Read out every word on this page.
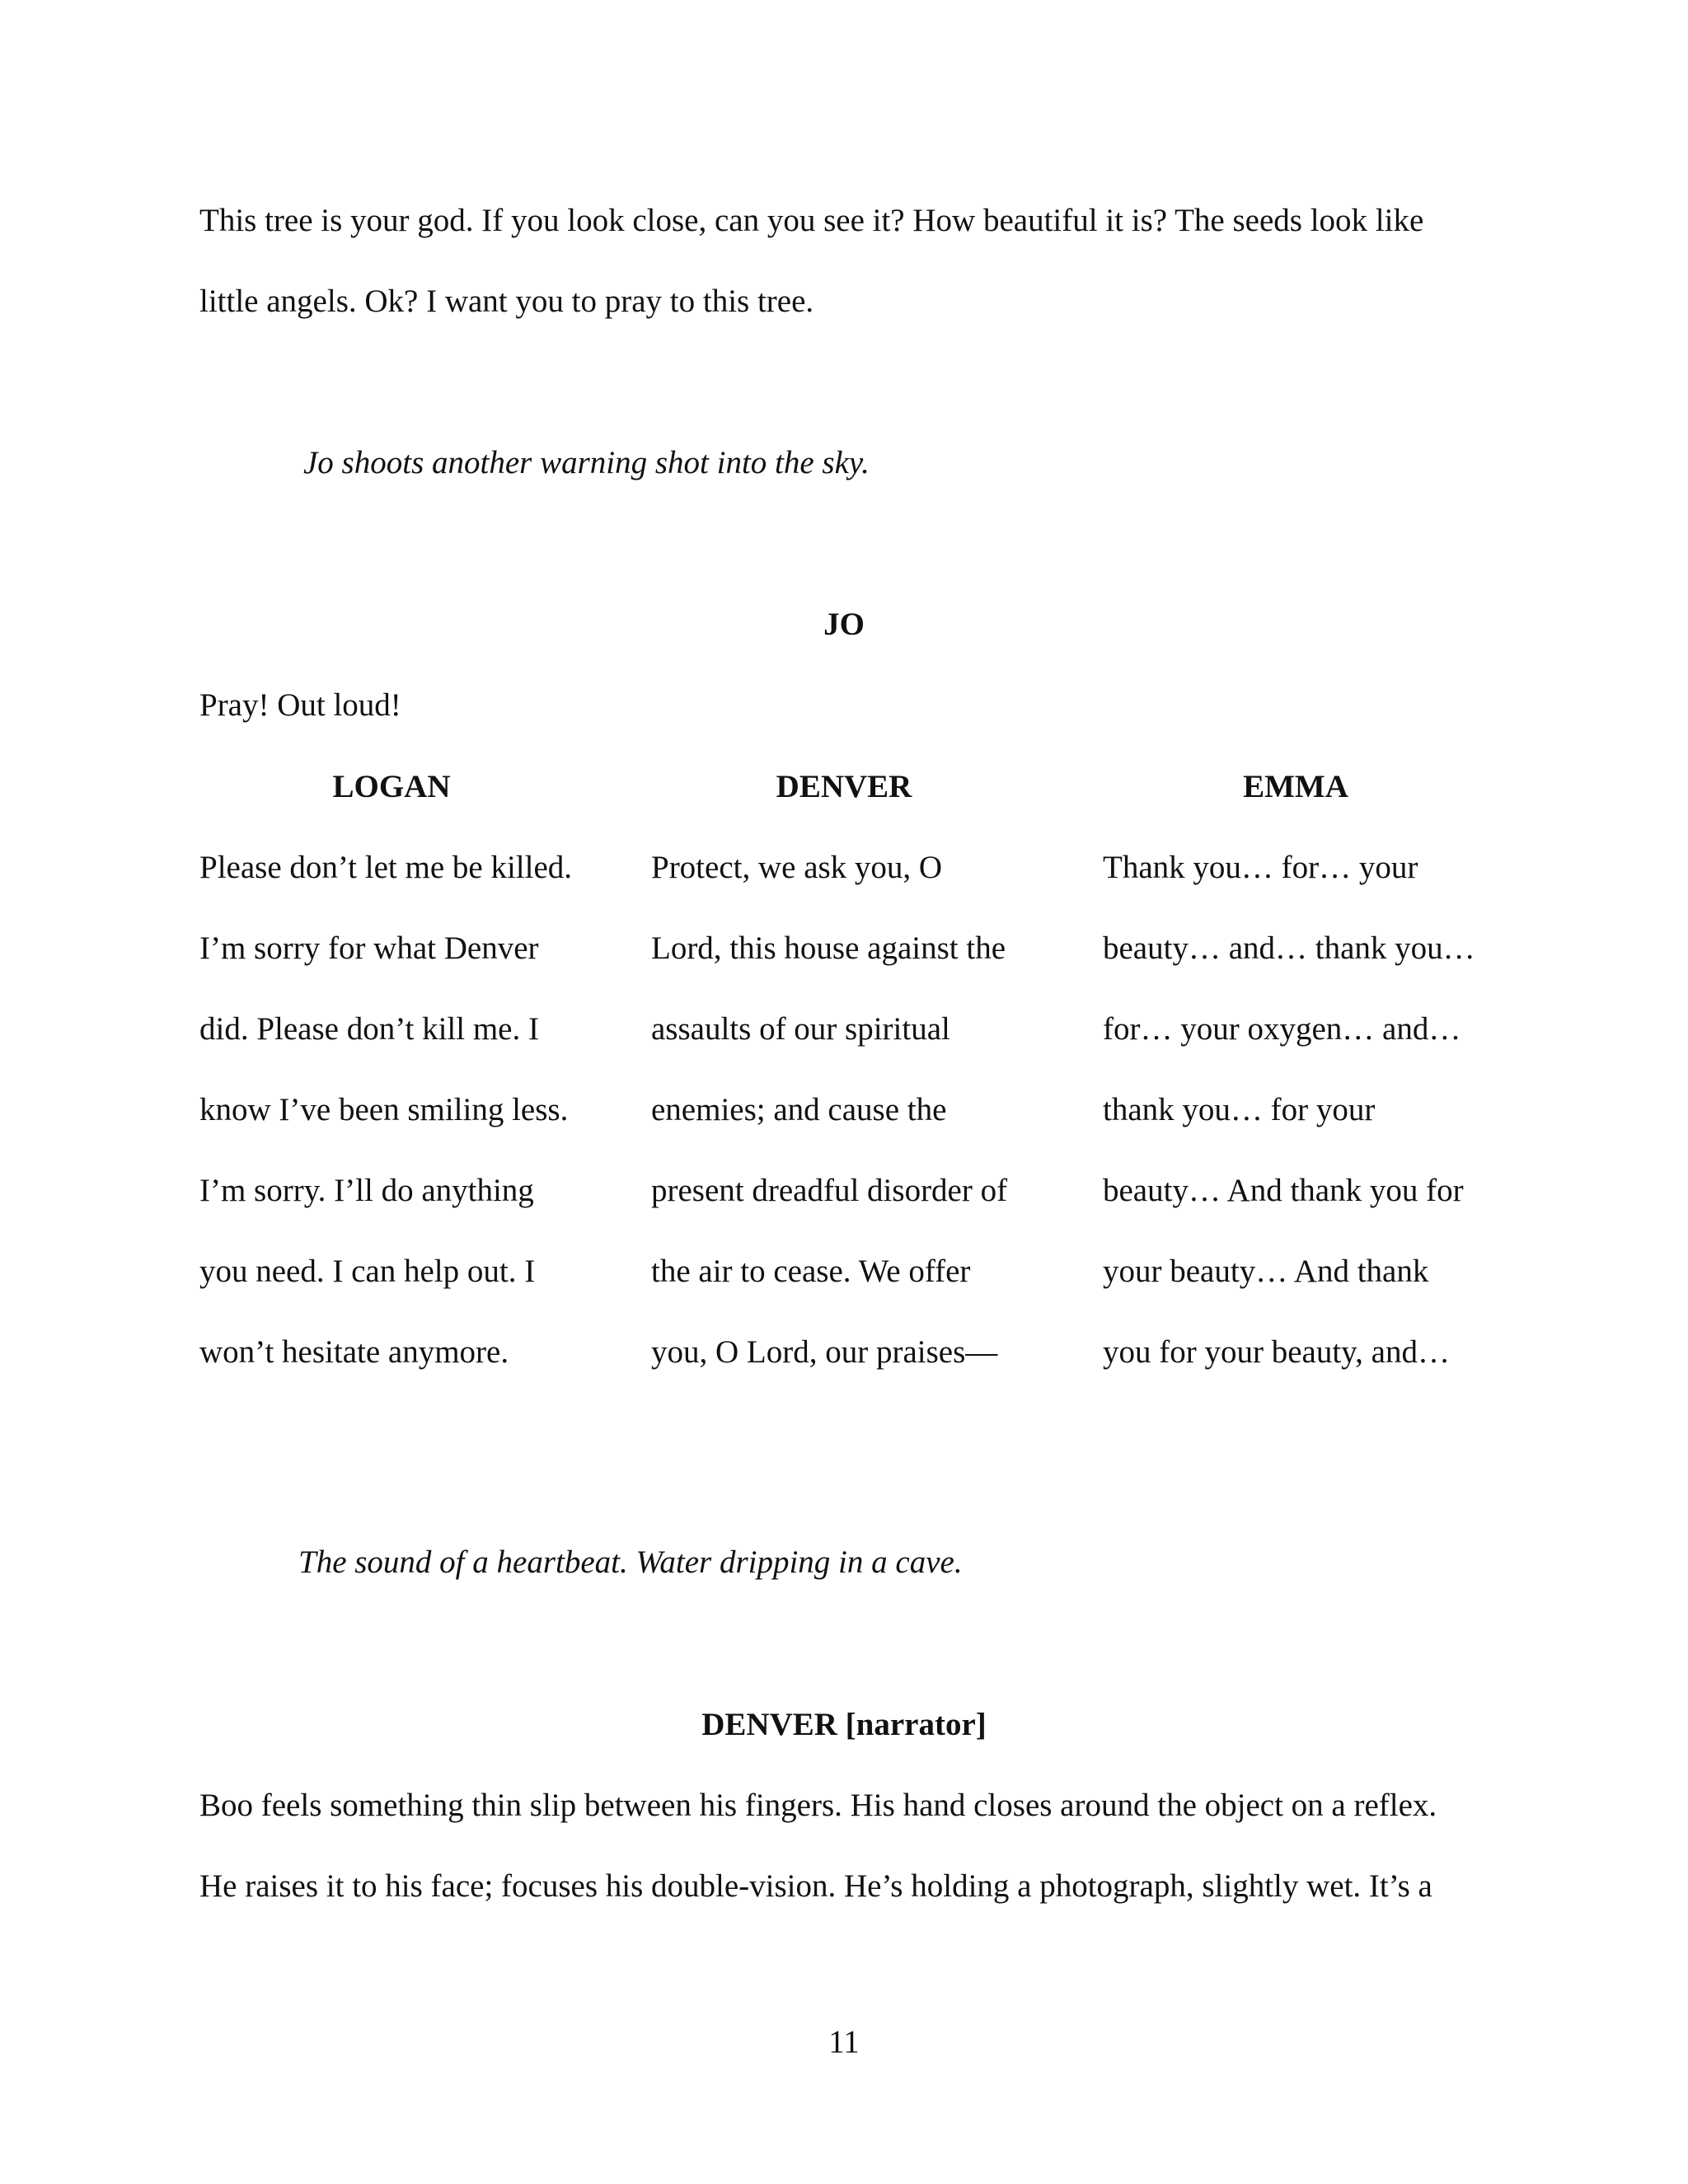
This tree is your god. If you look close, can you see it? How beautiful it is? The seeds look like
little angels. Ok? I want you to pray to this tree.
Jo shoots another warning shot into the sky.
JO
Pray! Out loud!
LOGAN	DENVER	EMMA
Please don’t let me be killed.
I’m sorry for what Denver
did. Please don’t kill me. I
know I’ve been smiling less.
I’m sorry. I’ll do anything
you need. I can help out. I
won’t hesitate anymore.
Protect, we ask you, O
Lord, this house against the
assaults of our spiritual
enemies; and cause the
present dreadful disorder of
the air to cease. We offer
you, O Lord, our praises—
Thank you… for… your
beauty… and… thank you…
for… your oxygen… and…
thank you… for your
beauty… And thank you for
your beauty… And thank
you for your beauty, and…
The sound of a heartbeat. Water dripping in a cave.
DENVER [narrator]
Boo feels something thin slip between his fingers. His hand closes around the object on a reflex.
He raises it to his face; focuses his double-vision. He’s holding a photograph, slightly wet. It’s a
11
